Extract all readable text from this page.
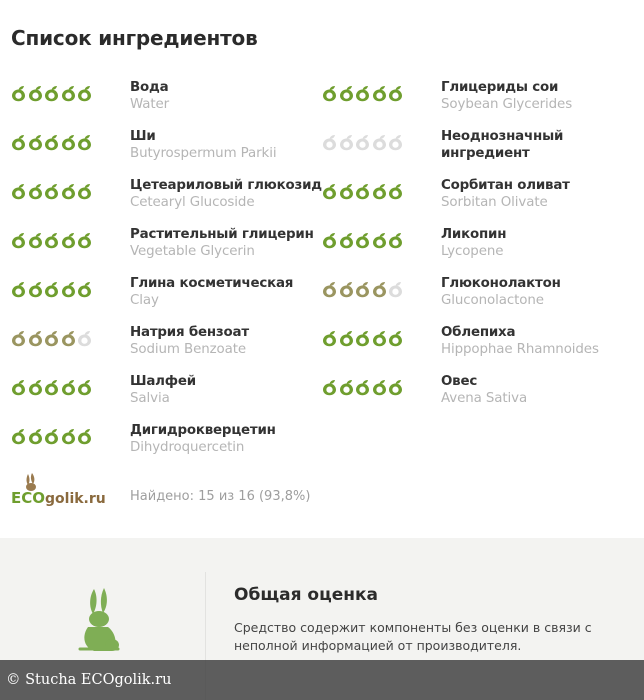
Список ингредиентов
Вода
Water
Ши
Butyrospermum Parkii
Цетеариловый глюкозид
Cetearyl Glucoside
Растительный глицерин
Vegetable Glycerin
Глина косметическая
Clay
Натрия бензоат
Sodium Benzoate
Шалфей
Salvia
Дигидрокверцетин
Dihydroquercetin
Глицериды сои
Soybean Glycerides
Неоднозначный ингредиент
Сорбитан оливат
Sorbitan Olivate
Ликопин
Lycopene
Глюконолактон
Gluconolactone
Облепиха
Hippophae Rhamnoides
Овес
Avena Sativa
ECO golik.ru Найдено: 15 из 16 (93,8%)
Общая оценка
Средство содержит компоненты без оценки в связи с неполной информацией от производителя.
© Stucha ECOgolik.ru
